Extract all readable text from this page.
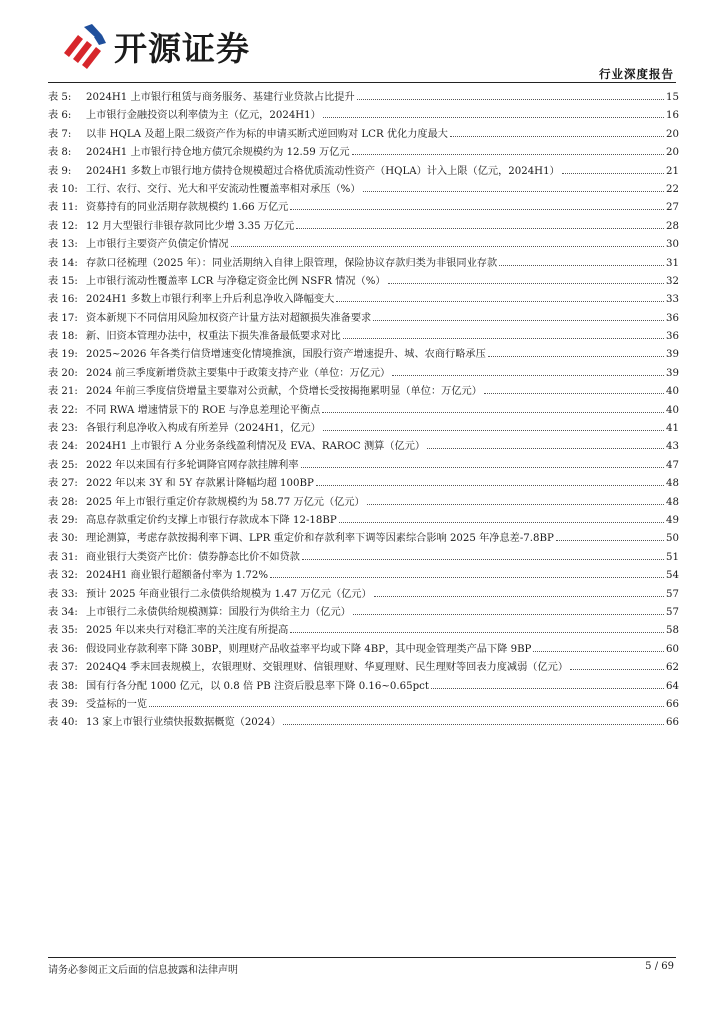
开源证券
行业深度报告
表 5:	2024H1 上市银行租赁与商务服务、基建行业贷款占比提升	15
表 6:	上市银行金融投资以利率债为主（亿元，2024H1）	16
表 7:	以非 HQLA 及超上限二级资产作为标的申请买断式逆回购对 LCR 优化力度最大	20
表 8:	2024H1 上市银行持仓地方债冗余规模约为 12.59 万亿元	20
表 9:	2024H1 多数上市银行地方债持仓规模超过合格优质流动性资产（HQLA）计入上限（亿元，2024H1）	21
表 10: 工行、农行、交行、光大和平安流动性覆盖率相对承压（%）	22
表 11: 资募持有的同业活期存款规模约 1.66 万亿元	27
表 12: 12 月大型银行非银存款同比少增 3.35 万亿元	28
表 13: 上市银行主要资产负债定价情况	30
表 14: 存款口径梳理（2025 年）：同业活期纳入自律上限管理，保险协议存款归类为非银同业存款	31
表 15: 上市银行流动性覆盖率 LCR 与净稳定资金比例 NSFR 情况（%）	32
表 16: 2024H1 多数上市银行利率上升后利息净收入降幅变大	33
表 17: 资本新规下不同信用风险加权资产计量方法对超额损失准备要求	36
表 18: 新、旧资本管理办法中，权重法下损失准备最低要求对比	36
表 19: 2025~2026 年各类行信贷增速变化情境推演，国股行资产增速提升、城、农商行略承压	39
表 20: 2024 前三季度新增贷款主要集中于政策支持产业（单位：万亿元）	39
表 21: 2024 年前三季度信贷增量主要靠对公贡献，个贷增长受按揭拖累明显（单位：万亿元）	40
表 22: 不同 RWA 增速情景下的 ROE 与净息差理论平衡点	40
表 23: 各银行利息净收入构成有所差异（2024H1，亿元）	41
表 24: 2024H1 上市银行 A 分业务条线盈利情况及 EVA、RAROC 测算（亿元）	43
表 25: 2022 年以来国有行多轮调降官网存款挂牌利率	47
表 27: 2022 年以来 3Y 和 5Y 存款累计降幅均超 100BP	48
表 28: 2025 年上市银行重定价存款规模约为 58.77 万亿元（亿元）	48
表 29: 高息存款重定价约支撑上市银行存款成本下降 12-18BP	49
表 30: 理论测算，考虑存款按揭利率下调、LPR 重定价和存款利率下调等因素综合影响 2025 年净息差-7.8BP	50
表 31: 商业银行大类资产比价：债券静态比价不如贷款	51
表 32: 2024H1 商业银行超额备付率为 1.72%	54
表 33: 预计 2025 年商业银行二永债供给规模为 1.47 万亿元（亿元）	57
表 34: 上市银行二永债供给规模测算：国股行为供给主力（亿元）	57
表 35: 2025 年以来央行对稳汇率的关注度有所提高	58
表 36: 假设同业存款利率下降 30BP，则理财产品收益率平均或下降 4BP，其中现金管理类产品下降 9BP	60
表 37: 2024Q4 季末回表规模上，农银理财、交银理财、信银理财、华夏理财、民生理财等回表力度减弱（亿元）	62
表 38: 国有行各分配 1000 亿元，以 0.8 倍 PB 注资后股息率下降 0.16~0.65pct	64
表 39: 受益标的一览	66
表 40: 13 家上市银行业绩快报数据概览（2024）	66
请务必参阅正文后面的信息披露和法律声明	5 / 69
